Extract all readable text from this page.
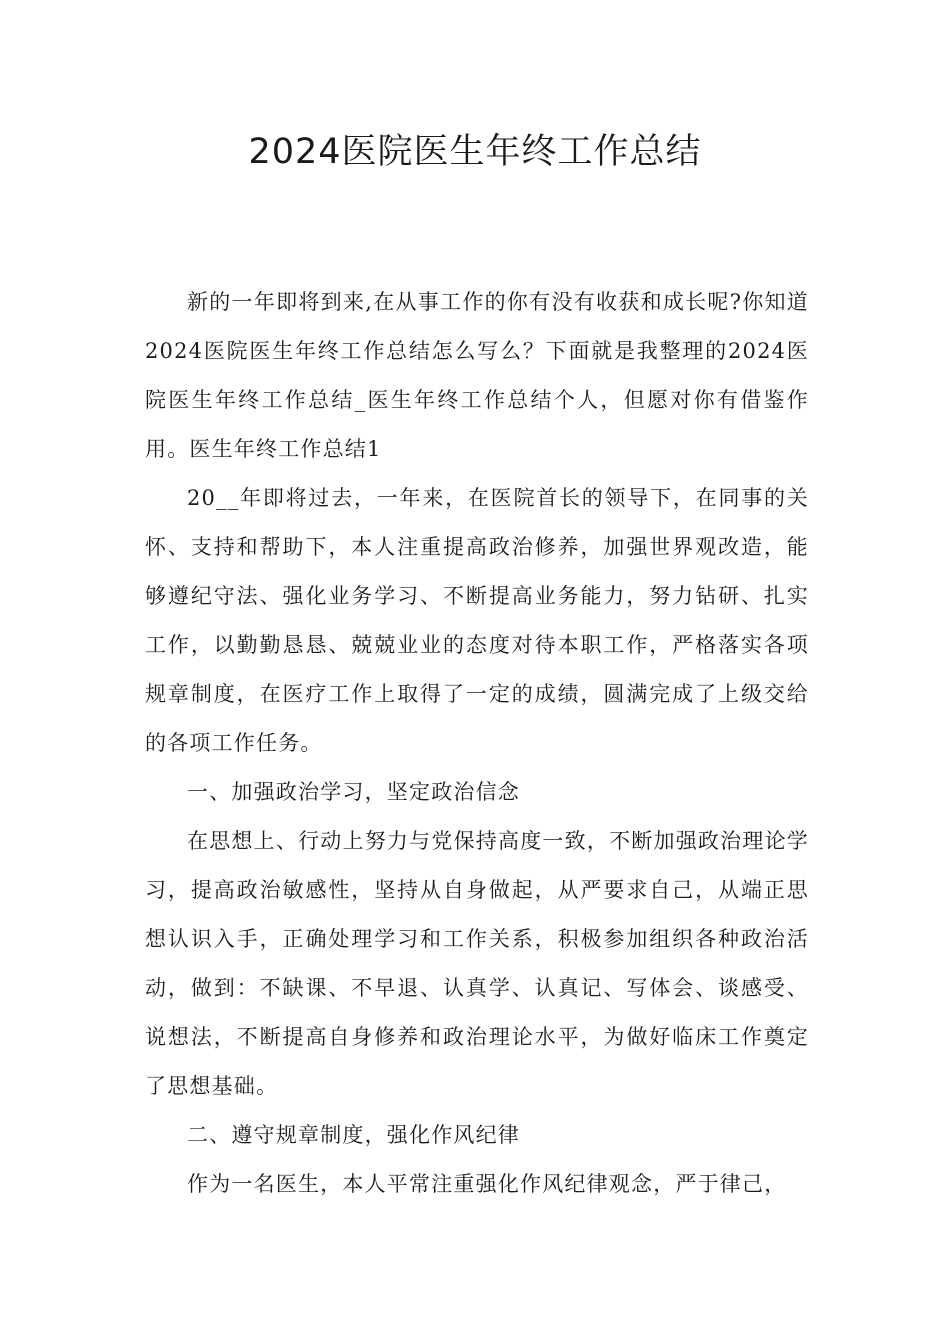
2024医院医生年终工作总结

新的一年即将到来,在从事工作的你有没有收获和成长呢?你知道2024医院医生年终工作总结怎么写么？下面就是我整理的2024医院医生年终工作总结_医生年终工作总结个人，但愿对你有借鉴作用。医生年终工作总结1

20__年即将过去，一年来，在医院首长的领导下，在同事的关怀、支持和帮助下，本人注重提高政治修养，加强世界观改造，能够遵纪守法、强化业务学习、不断提高业务能力，努力钻研、扎实工作，以勤勤恳恳、兢兢业业的态度对待本职工作，严格落实各项规章制度，在医疗工作上取得了一定的成绩，圆满完成了上级交给的各项工作任务。

一、加强政治学习，坚定政治信念

在思想上、行动上努力与党保持高度一致，不断加强政治理论学习，提高政治敏感性，坚持从自身做起，从严要求自己，从端正思想认识入手，正确处理学习和工作关系，积极参加组织各种政治活动，做到：不缺课、不早退、认真学、认真记、写体会、谈感受、说想法，不断提高自身修养和政治理论水平，为做好临床工作奠定了思想基础。

二、遵守规章制度，强化作风纪律

作为一名医生，本人平常注重强化作风纪律观念，严于律己，
